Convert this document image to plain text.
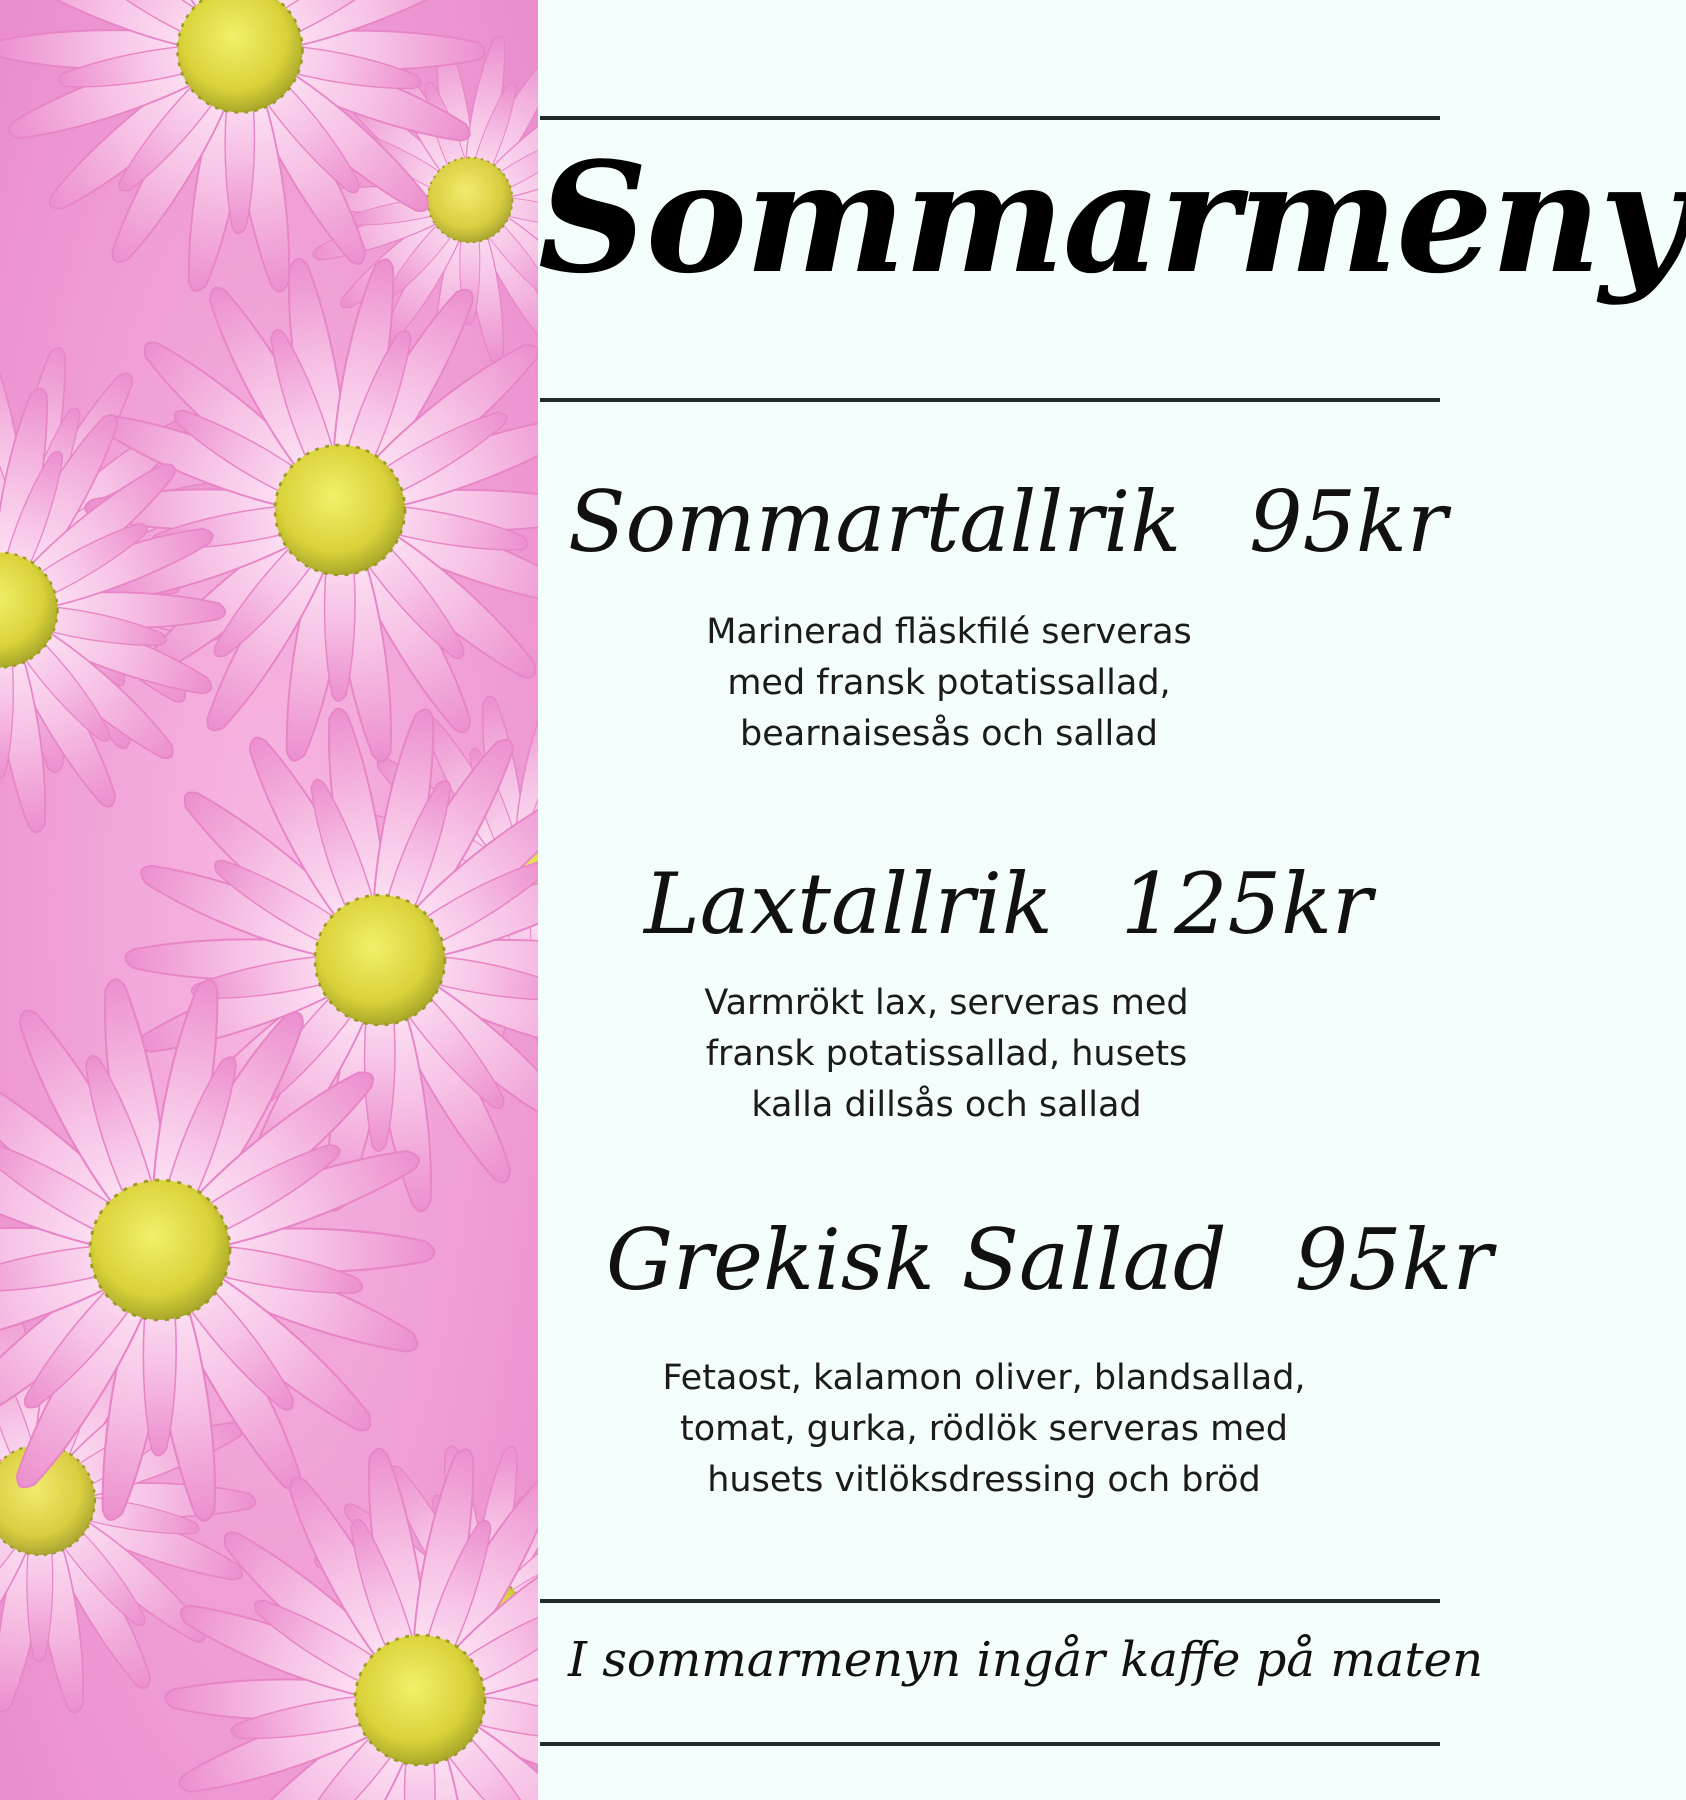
Sommarmeny
Sommartallrik 95kr
Marinerad fläskfilé serveras
med fransk potatissallad,
bearnaisesås och sallad
Laxtallrik 125kr
Varmrökt lax, serveras med
fransk potatissallad, husets
kalla dillsås och sallad
Grekisk Sallad 95kr
Fetaost, kalamon oliver, blandsallad,
tomat, gurka, rödlök serveras med
husets vitlöksdressing och bröd
I sommarmenyn ingår kaffe på maten
